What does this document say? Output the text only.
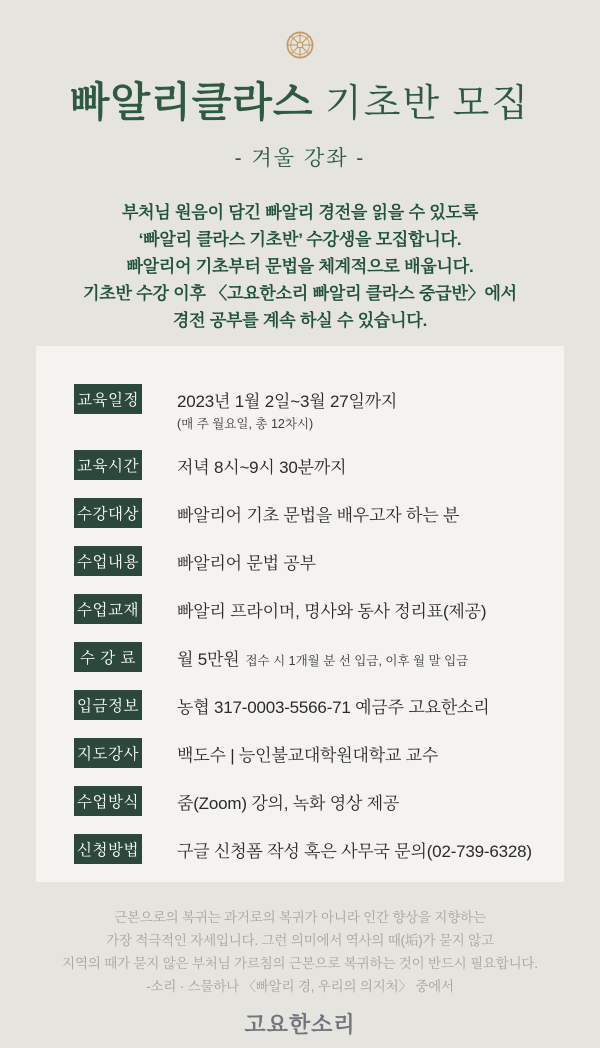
빠알리클라스 기초반 모집
- 겨울 강좌 -
부처님 원음이 담긴 빠알리 경전을 읽을 수 있도록
‘빠알리 클라스 기초반’ 수강생을 모집합니다.
빠알리어 기초부터 문법을 체계적으로 배웁니다.
기초반 수강 이후 〈고요한소리 빠알리 클라스 중급반〉에서
경전 공부를 계속 하실 수 있습니다.
교육일정 2023년 1월 2일~3월 27일까지
(매 주 월요일, 총 12차시)
교육시간 저녁 8시~9시 30분까지
수강대상 빠알리어 기초 문법을 배우고자 하는 분
수업내용 빠알리어 문법 공부
수업교재 빠알리 프라이머, 명사와 동사 정리표(제공)
수 강 료	월 5만원 접수 시 1개월 분 선 입금, 이후 월 말 입금
입금정보 농협 317-0003-5566-71 예금주 고요한소리
지도강사 백도수 | 능인불교대학원대학교 교수
수업방식 줌(Zoom) 강의, 녹화 영상 제공
신청방법 구글 신청폼 작성 혹은 사무국 문의(02-739-6328)
근본으로의 복귀는 과거로의 복귀가 아니라 인간 향상을 지향하는
가장 적극적인 자세입니다. 그런 의미에서 역사의 때(垢)가 묻지 않고
지역의 때가 묻지 않은 부처님 가르침의 근본으로 복귀하는 것이 반드시 필요합니다.
-소리 · 스물하나 〈빠알리 경, 우리의 의지처〉 중에서
고요한소리
